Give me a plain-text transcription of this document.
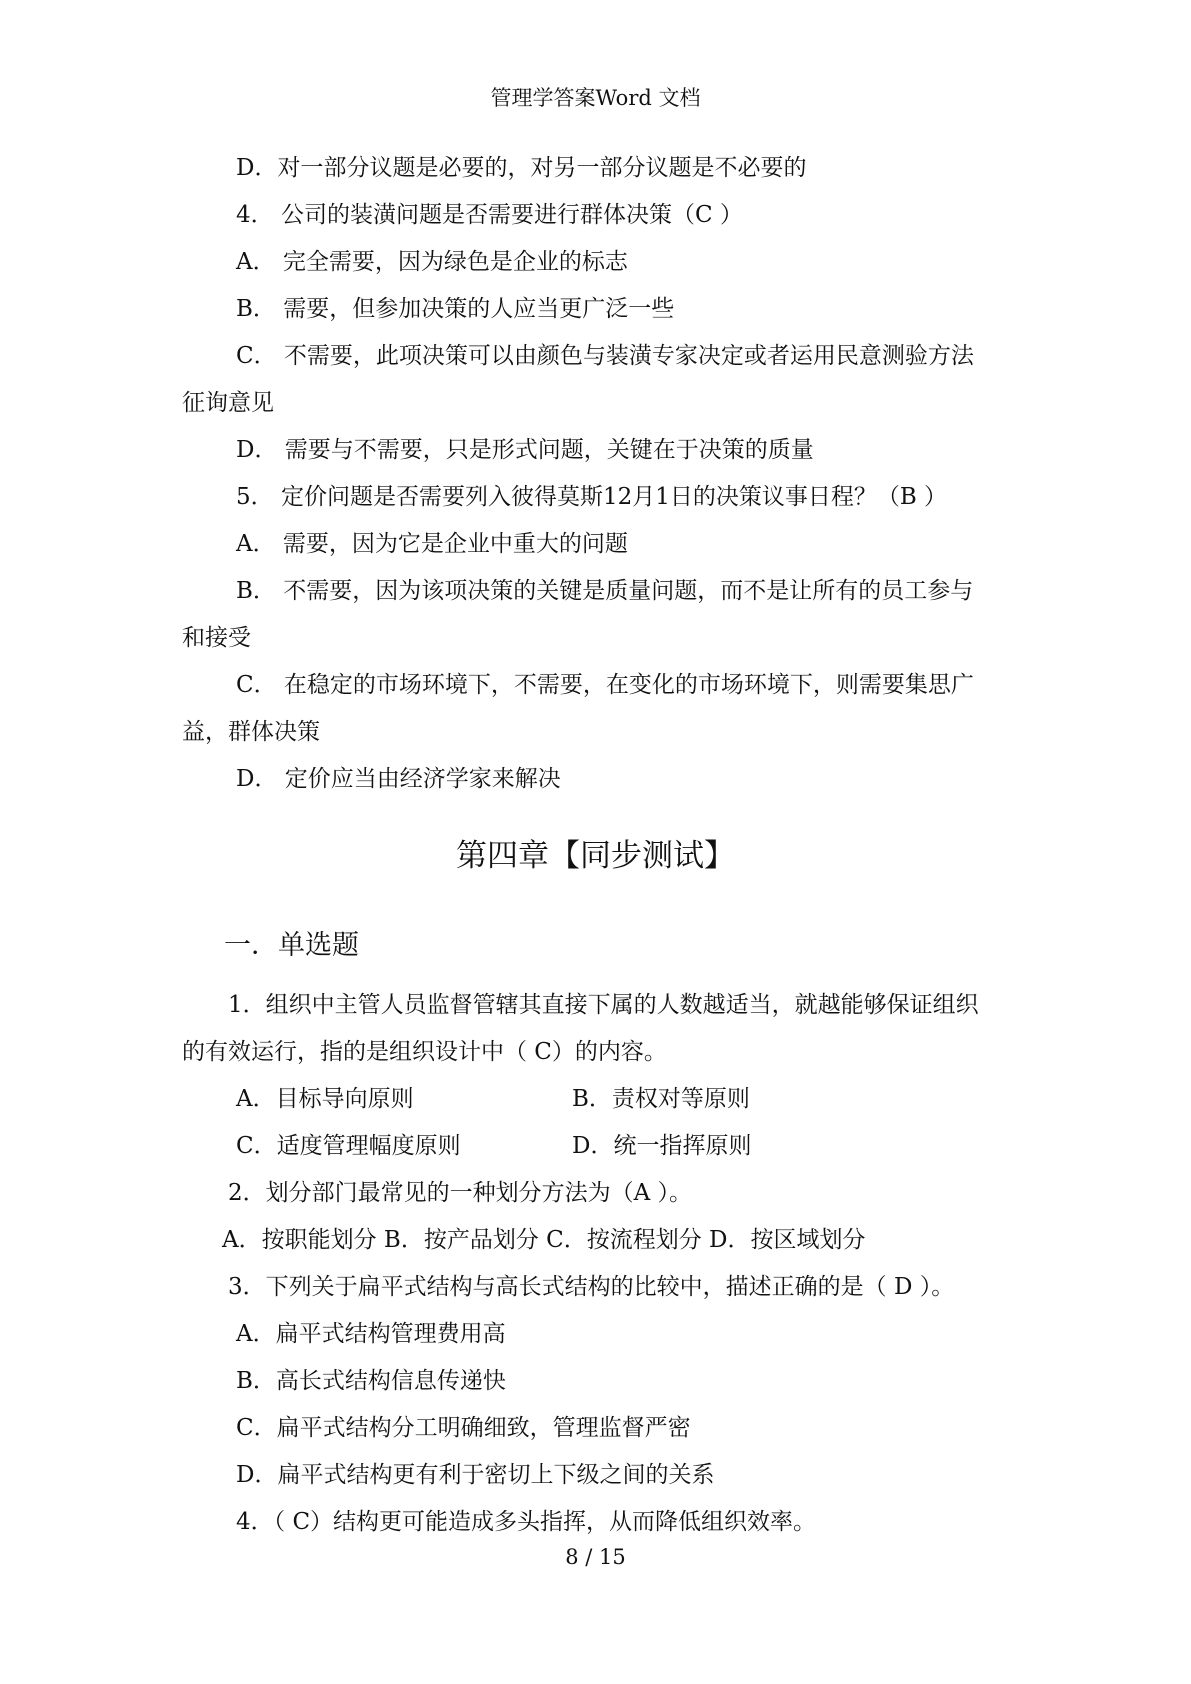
管理学答案Word 文档
D．对一部分议题是必要的，对另一部分议题是不必要的
4． 公司的装潢问题是否需要进行群体决策（C ）
A． 完全需要，因为绿色是企业的标志
B． 需要，但参加决策的人应当更广泛一些
C． 不需要，此项决策可以由颜色与装潢专家决定或者运用民意测验方法
征询意见
D． 需要与不需要，只是形式问题，关键在于决策的质量
5． 定价问题是否需要列入彼得莫斯12月1日的决策议事日程？（B ）
A． 需要，因为它是企业中重大的问题
B． 不需要，因为该项决策的关键是质量问题，而不是让所有的员工参与
和接受
C． 在稳定的市场环境下，不需要，在变化的市场环境下，则需要集思广
益，群体决策
D． 定价应当由经济学家来解决
第四章【同步测试】
一．单选题
1．组织中主管人员监督管辖其直接下属的人数越适当，就越能够保证组织
的有效运行，指的是组织设计中（ C）的内容。
A．目标导向原则	B．责权对等原则
C．适度管理幅度原则	D．统一指挥原则
2．划分部门最常见的一种划分方法为（A ）。
A．按职能划分 B．按产品划分 C．按流程划分 D．按区域划分
3．下列关于扁平式结构与高长式结构的比较中，描述正确的是（ D ）。
A．扁平式结构管理费用高
B．高长式结构信息传递快
C．扁平式结构分工明确细致，管理监督严密
D．扁平式结构更有利于密切上下级之间的关系
4．（ C）结构更可能造成多头指挥，从而降低组织效率。
8 / 15
